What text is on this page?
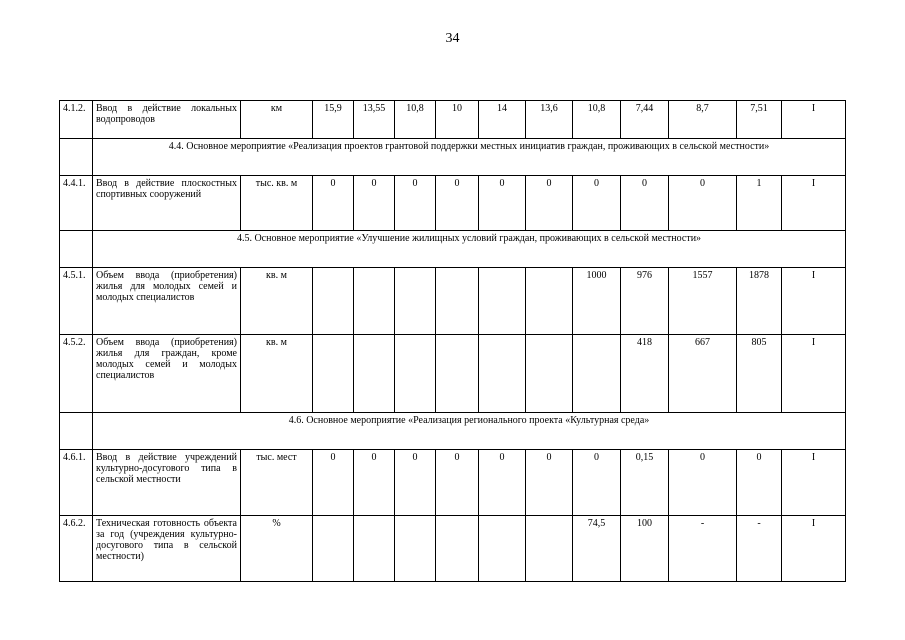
34
4.1.2.	Ввод в действие локальных водопроводов	км	15,9	13,55	10,8	10	14	13,6	10,8	7,44	8,7	7,51	I
	4.4. Основное мероприятие «Реализация проектов грантовой поддержки местных инициатив граждан, проживающих в сельской местности»												
4.4.1.	Ввод в действие плоскостных спортивных сооружений	тыс. кв. м	0	0	0	0	0	0	0	0	0	1	I
	4.5. Основное мероприятие «Улучшение жилищных условий граждан, проживающих в сельской местности»												
4.5.1.	Объем ввода (приобретения) жилья для молодых семей и молодых специалистов	кв. м							1000	976	1557	1878	I
4.5.2.	Объем ввода (приобретения) жилья для граждан, кроме молодых семей и молодых специалистов	кв. м								418	667	805	I
	4.6. Основное мероприятие «Реализация регионального проекта «Культурная среда»												
4.6.1.	Ввод в действие учреждений культурно-досугового типа в сельской местности	тыс. мест	0	0	0	0	0	0	0	0,15	0	0	I
4.6.2.	Техническая готовность объекта за год (учреждения культурно-досугового типа в сельской местности)	%							74,5	100	-	-	I
